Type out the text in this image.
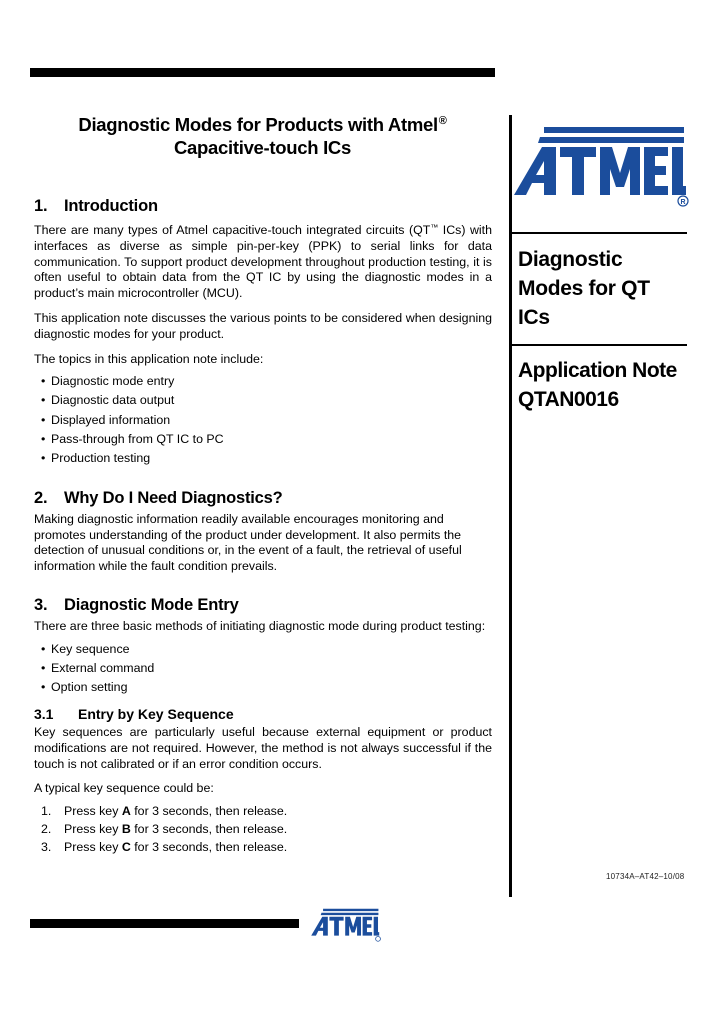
Diagnostic Modes for Products with Atmel®
Capacitive-touch ICs
1. Introduction

There are many types of Atmel capacitive-touch integrated circuits (QT™ ICs) with interfaces as diverse as simple pin-per-key (PPK) to serial links for data communication. To support product development throughout production testing, it is often useful to obtain data from the QT IC by using the diagnostic modes in a product’s main microcontroller (MCU).

This application note discusses the various points to be considered when designing diagnostic modes for your product.

The topics in this application note include:

• Diagnostic mode entry
• Diagnostic data output
• Displayed information
• Pass-through from QT IC to PC
• Production testing
2. Why Do I Need Diagnostics?

Making diagnostic information readily available encourages monitoring and promotes understanding of the product under development. It also permits the detection of unusual conditions or, in the event of a fault, the retrieval of useful information while the fault condition prevails.

3. Diagnostic Mode Entry

There are three basic methods of initiating diagnostic mode during product testing:

• Key sequence
• External command
• Option setting
3.1 Entry by Key Sequence

Key sequences are particularly useful because external equipment or product modifications are not required. However, the method is not always successful if the touch is not calibrated or if an error condition occurs.

A typical key sequence could be:

1. Press key A for 3 seconds, then release.
2. Press key B for 3 seconds, then release.
3. Press key C for 3 seconds, then release.
R
Diagnostic
Modes for QT
ICs
Application Note
QTAN0016
10734A–AT42–10/08
